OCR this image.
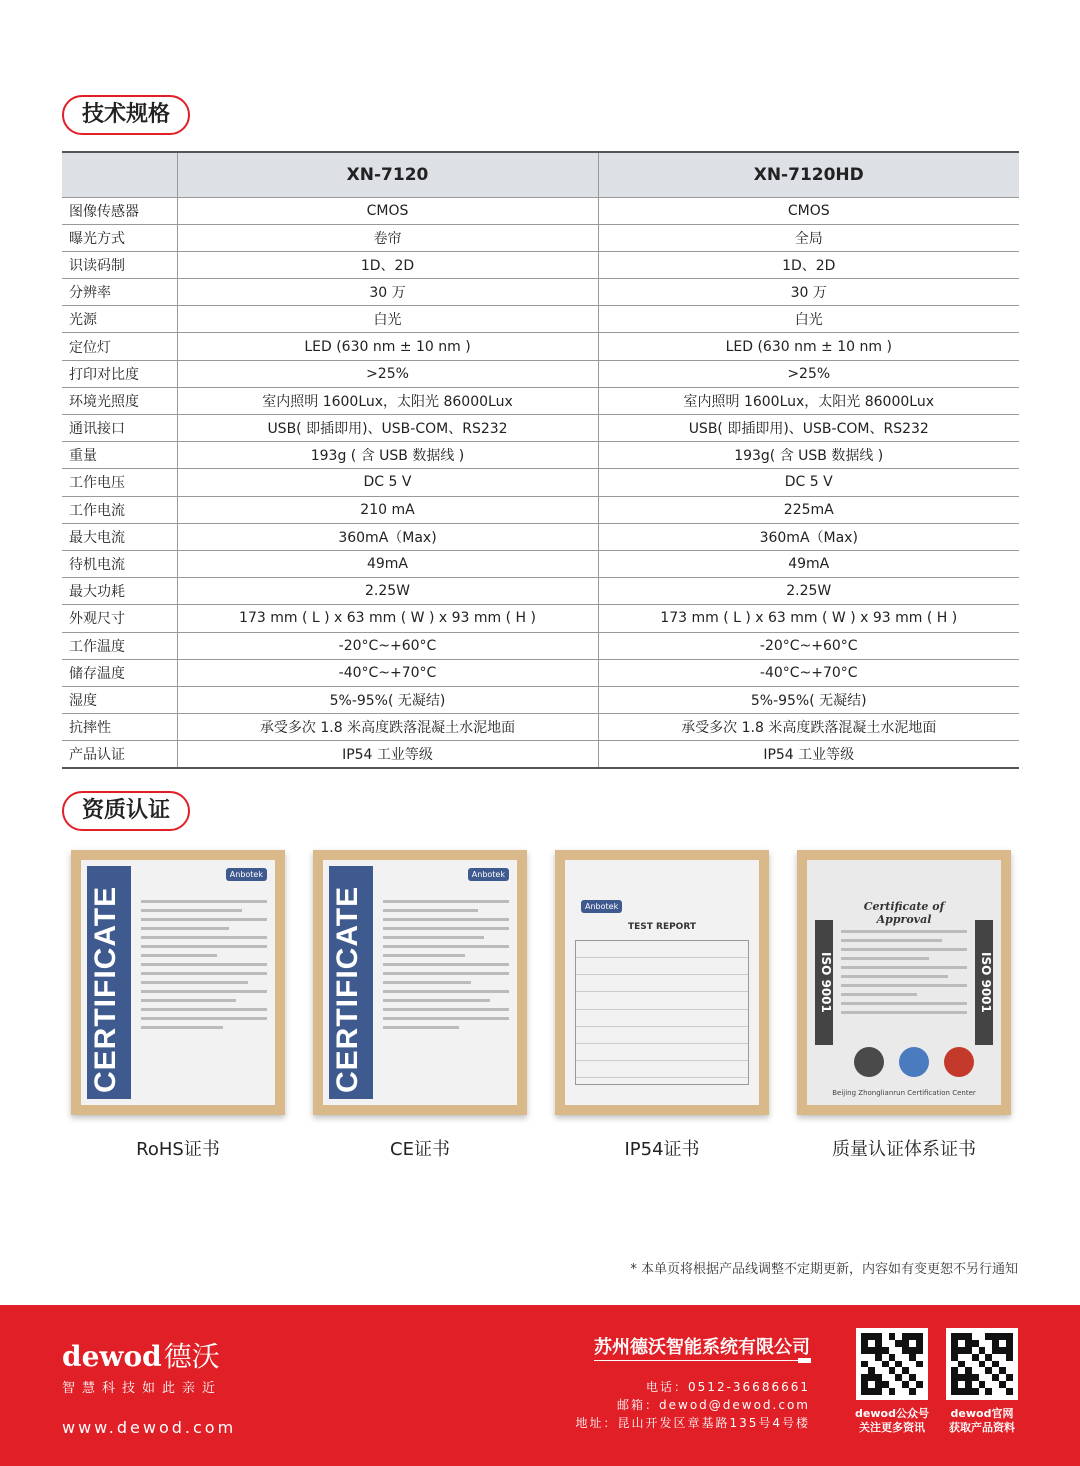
技术规格
	XN-7120	XN-7120HD
图像传感器	CMOS	CMOS
曝光方式	卷帘	全局
识读码制	1D、2D	1D、2D
分辨率	30 万	30 万
光源	白光	白光
定位灯	LED (630 nm ± 10 nm )	LED (630 nm ± 10 nm )
打印对比度	>25%	>25%
环境光照度	室内照明 1600Lux，太阳光 86000Lux	室内照明 1600Lux，太阳光 86000Lux
通讯接口	USB( 即插即用)、USB-COM、RS232	USB( 即插即用)、USB-COM、RS232
重量	193g ( 含 USB 数据线 )	193g( 含 USB 数据线 )
工作电压	DC 5 V	DC 5 V
工作电流	210 mA	225mA
最大电流	360mA（Max)	360mA（Max)
待机电流	49mA	49mA
最大功耗	2.25W	2.25W
外观尺寸	173 mm ( L ) x 63 mm ( W ) x 93 mm ( H )	173 mm ( L ) x 63 mm ( W ) x 93 mm ( H )
工作温度	-20°C~+60°C	-20°C~+60°C
储存温度	-40°C~+70°C	-40°C~+70°C
湿度	5%-95%( 无凝结)	5%-95%( 无凝结)
抗摔性	承受多次 1.8 米高度跌落混凝土水泥地面	承受多次 1.8 米高度跌落混凝土水泥地面
产品认证	IP54 工业等级	IP54 工业等级
资质认证
CERTIFICATE
Anbotek
RoHS证书
CERTIFICATE
Anbotek
CE证书
Anbotek
TEST REPORT
IP54证书
ISO 9001	ISO 9001
Certificate of Approval
Beijing Zhonglianrun Certification Center
质量认证体系证书
* 本单页将根据产品线调整不定期更新，内容如有变更恕不另行通知
dewod德沃
智慧科技如此亲近
www.dewod.com
苏州德沃智能系统有限公司
电话：0512-36686661
邮箱：dewod@dewod.com
地址：昆山开发区章基路135号4号楼
dewod公众号
关注更多资讯
dewod官网
获取产品资料
